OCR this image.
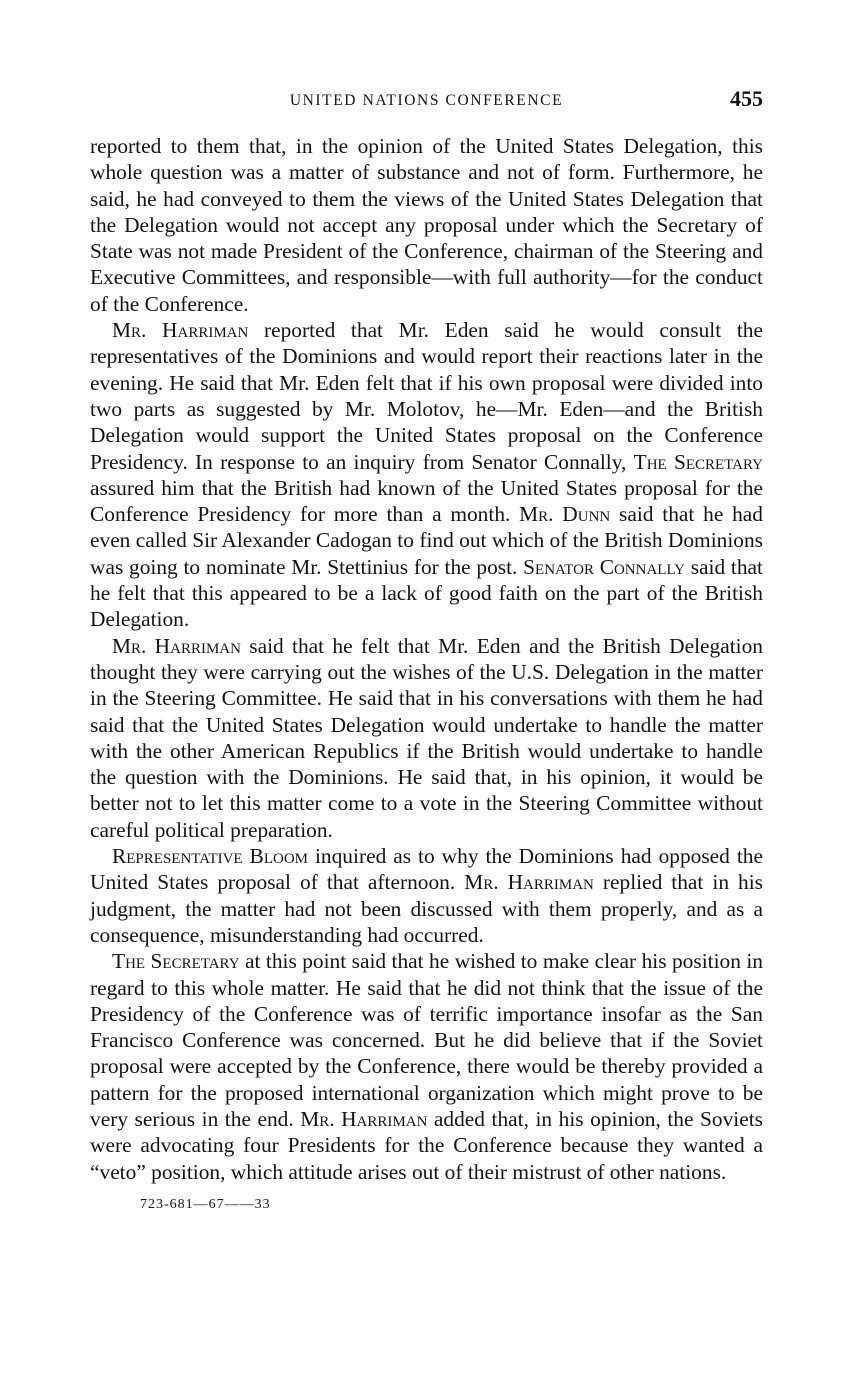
UNITED NATIONS CONFERENCE	455

reported to them that, in the opinion of the United States Delegation, this whole question was a matter of substance and not of form. Furthermore, he said, he had conveyed to them the views of the United States Delegation that the Delegation would not accept any proposal under which the Secretary of State was not made President of the Conference, chairman of the Steering and Executive Committees, and responsible—with full authority—for the conduct of the Conference.

Mr. Harriman reported that Mr. Eden said he would consult the representatives of the Dominions and would report their reactions later in the evening. He said that Mr. Eden felt that if his own proposal were divided into two parts as suggested by Mr. Molotov, he—Mr. Eden—and the British Delegation would support the United States proposal on the Conference Presidency. In response to an inquiry from Senator Connally, The Secretary assured him that the British had known of the United States proposal for the Conference Presidency for more than a month. Mr. Dunn said that he had even called Sir Alexander Cadogan to find out which of the British Dominions was going to nominate Mr. Stettinius for the post. Senator Connally said that he felt that this appeared to be a lack of good faith on the part of the British Delegation.

Mr. Harriman said that he felt that Mr. Eden and the British Delegation thought they were carrying out the wishes of the U.S. Delegation in the matter in the Steering Committee. He said that in his conversations with them he had said that the United States Delegation would undertake to handle the matter with the other American Republics if the British would undertake to handle the question with the Dominions. He said that, in his opinion, it would be better not to let this matter come to a vote in the Steering Committee without careful political preparation.

Representative Bloom inquired as to why the Dominions had opposed the United States proposal of that afternoon. Mr. Harriman replied that in his judgment, the matter had not been discussed with them properly, and as a consequence, misunderstanding had occurred.

The Secretary at this point said that he wished to make clear his position in regard to this whole matter. He said that he did not think that the issue of the Presidency of the Conference was of terrific importance insofar as the San Francisco Conference was concerned. But he did believe that if the Soviet proposal were accepted by the Conference, there would be thereby provided a pattern for the proposed international organization which might prove to be very serious in the end. Mr. Harriman added that, in his opinion, the Soviets were advocating four Presidents for the Conference because they wanted a “veto” position, which attitude arises out of their mistrust of other nations.

723-681—67——33
